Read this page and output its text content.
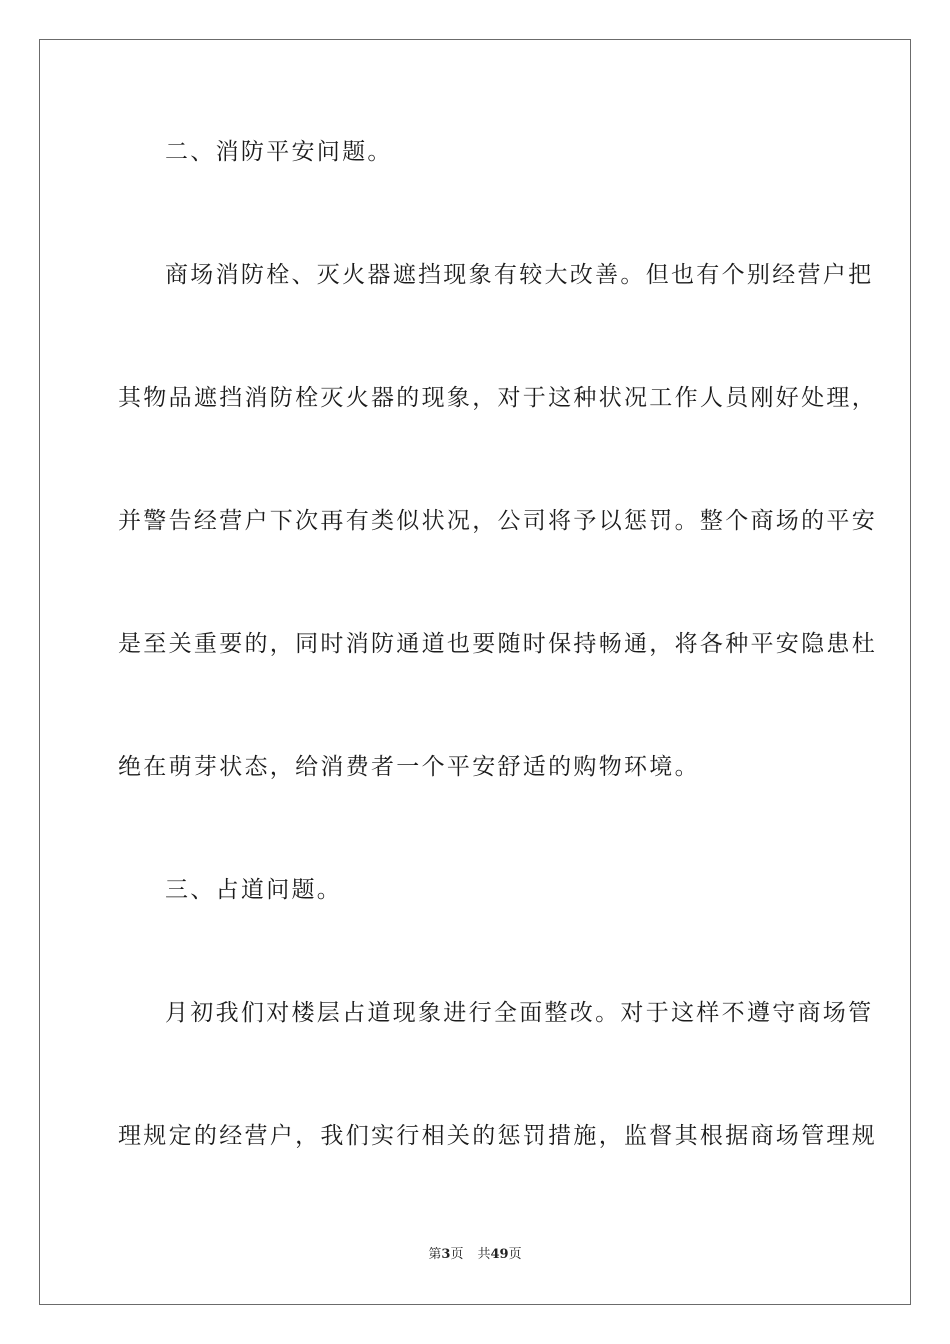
二、消防平安问题。
商场消防栓、灭火器遮挡现象有较大改善。但也有个别经营户把
其物品遮挡消防栓灭火器的现象，对于这种状况工作人员刚好处理，
并警告经营户下次再有类似状况，公司将予以惩罚。整个商场的平安
是至关重要的，同时消防通道也要随时保持畅通，将各种平安隐患杜
绝在萌芽状态，给消费者一个平安舒适的购物环境。
三、占道问题。
月初我们对楼层占道现象进行全面整改。对于这样不遵守商场管
理规定的经营户，我们实行相关的惩罚措施，监督其根据商场管理规
第3页 共49页
